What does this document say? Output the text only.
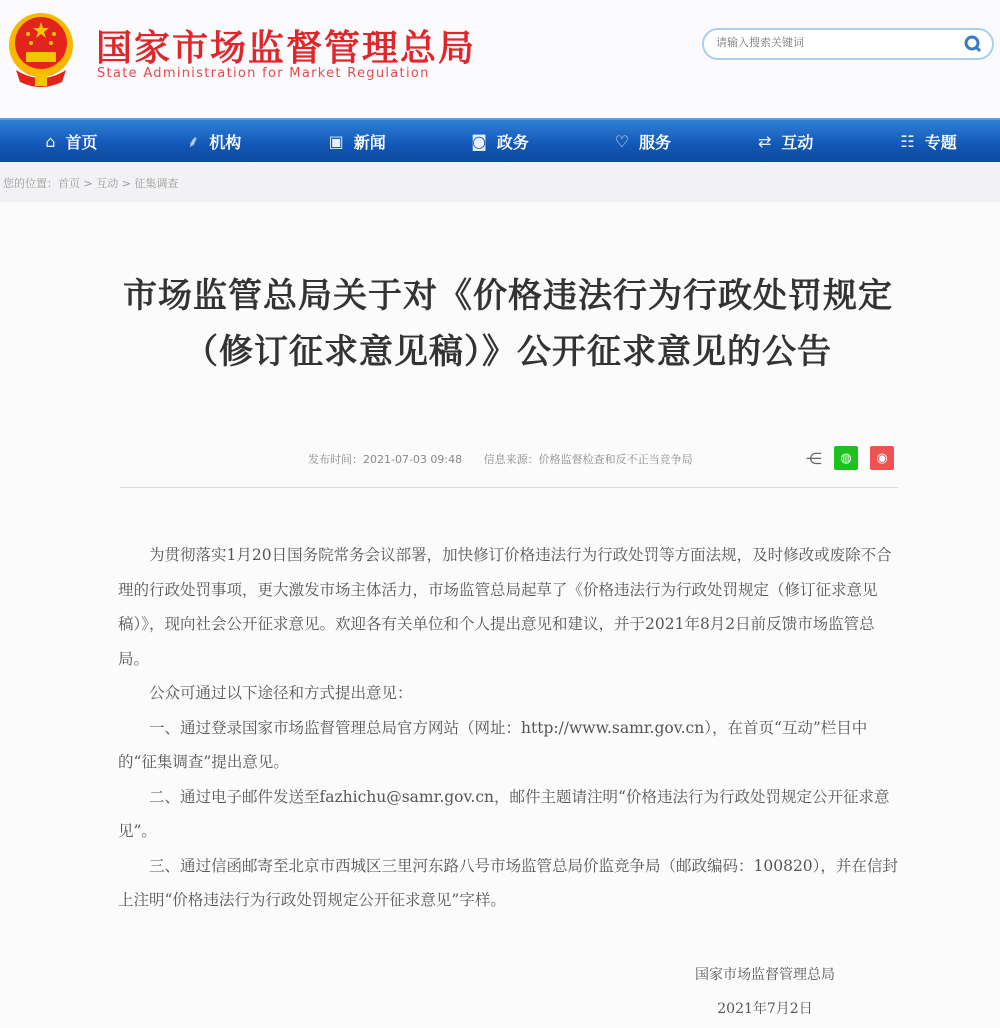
国家市场监督管理总局
State Administration for Market Regulation
请输入搜索关键词
⌂ 首页	⸙ 机构	▣ 新闻	◙ 政务	♡ 服务	⇄ 互动	☷ 专题
您的位置：首页 > 互动 > 征集调查
市场监管总局关于对《价格违法行为行政处罚规定（修订征求意见稿）》公开征求意见的公告
发布时间：2021-07-03 09:48 信息来源：价格监督检查和反不正当竞争局	⋲	◍	◉

为贯彻落实1月20日国务院常务会议部署，加快修订价格违法行为行政处罚等方面法规，及时修改或废除不合理的行政处罚事项，更大激发市场主体活力，市场监管总局起草了《价格违法行为行政处罚规定（修订征求意见稿）》，现向社会公开征求意见。欢迎各有关单位和个人提出意见和建议，并于2021年8月2日前反馈市场监管总局。

公众可通过以下途径和方式提出意见：

一、通过登录国家市场监督管理总局官方网站（网址：http://www.samr.gov.cn），在首页“互动”栏目中的“征集调查”提出意见。

二、通过电子邮件发送至fazhichu@samr.gov.cn，邮件主题请注明“价格违法行为行政处罚规定公开征求意见”。

三、通过信函邮寄至北京市西城区三里河东路八号市场监管总局价监竞争局（邮政编码：100820），并在信封上注明“价格违法行为行政处罚规定公开征求意见”字样。

国家市场监督管理总局
2021年7月2日
